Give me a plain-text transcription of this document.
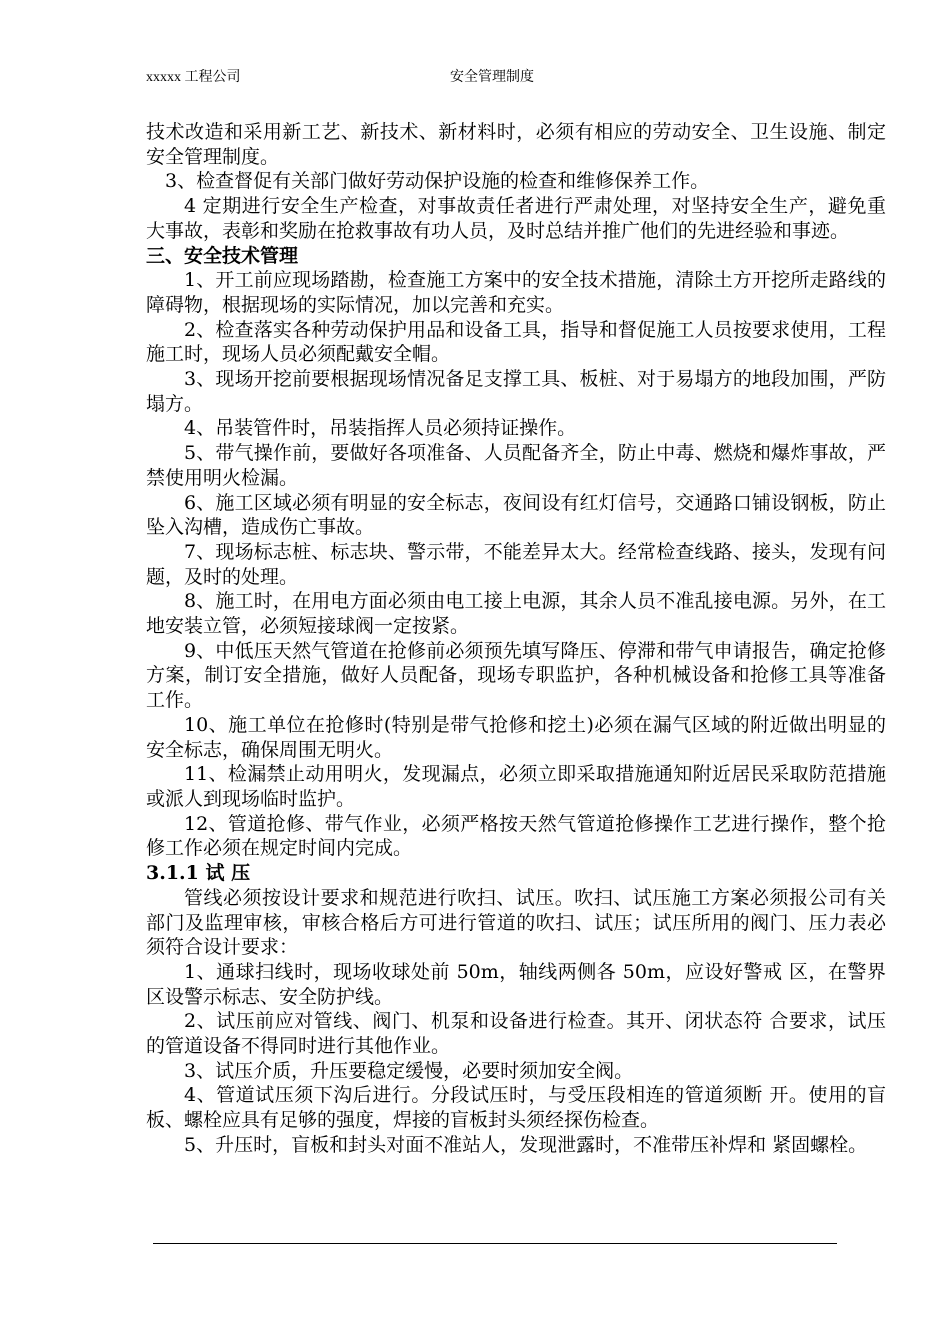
xxxxx 工程公司	安全管理制度

技术改造和采用新工艺、新技术、新材料时，必须有相应的劳动安全、卫生设施、制定安全管理制度。

3、检查督促有关部门做好劳动保护设施的检查和维修保养工作。

4 定期进行安全生产检查，对事故责任者进行严肃处理，对坚持安全生产，避免重大事故，表彰和奖励在抢救事故有功人员，及时总结并推广他们的先进经验和事迹。

三、安全技术管理

1、开工前应现场踏勘，检查施工方案中的安全技术措施，清除土方开挖所走路线的障碍物，根据现场的实际情况，加以完善和充实。

2、检查落实各种劳动保护用品和设备工具，指导和督促施工人员按要求使用，工程施工时，现场人员必须配戴安全帽。

3、现场开挖前要根据现场情况备足支撑工具、板桩、对于易塌方的地段加围，严防塌方。

4、吊装管件时，吊装指挥人员必须持证操作。

5、带气操作前，要做好各项准备、人员配备齐全，防止中毒、燃烧和爆炸事故，严禁使用明火检漏。

6、施工区域必须有明显的安全标志，夜间设有红灯信号，交通路口铺设钢板，防止坠入沟槽，造成伤亡事故。

7、现场标志桩、标志块、警示带，不能差异太大。经常检查线路、接头，发现有问题，及时的处理。

8、施工时，在用电方面必须由电工接上电源，其余人员不准乱接电源。另外，在工地安装立管，必须短接球阀一定按紧。

9、中低压天然气管道在抢修前必须预先填写降压、停滞和带气申请报告，确定抢修方案，制订安全措施，做好人员配备，现场专职监护，各种机械设备和抢修工具等准备工作。

10、施工单位在抢修时(特别是带气抢修和挖土)必须在漏气区域的附近做出明显的安全标志，确保周围无明火。

11、检漏禁止动用明火，发现漏点，必须立即采取措施通知附近居民采取防范措施或派人到现场临时监护。

12、管道抢修、带气作业，必须严格按天然气管道抢修操作工艺进行操作，整个抢修工作必须在规定时间内完成。

3.1.1 试 压

管线必须按设计要求和规范进行吹扫、试压。吹扫、试压施工方案必须报公司有关部门及监理审核，审核合格后方可进行管道的吹扫、试压；试压所用的阀门、压力表必须符合设计要求：

1、通球扫线时，现场收球处前 50m，轴线两侧各 50m，应设好警戒 区，在警界区设警示标志、安全防护线。

2、试压前应对管线、阀门、机泵和设备进行检查。其开、闭状态符 合要求，试压的管道设备不得同时进行其他作业。

3、试压介质，升压要稳定缓慢，必要时须加安全阀。

4、管道试压须下沟后进行。分段试压时，与受压段相连的管道须断 开。使用的盲板、螺栓应具有足够的强度，焊接的盲板封头须经探伤检查。

5、升压时，盲板和封头对面不准站人，发现泄露时，不准带压补焊和 紧固螺栓。
